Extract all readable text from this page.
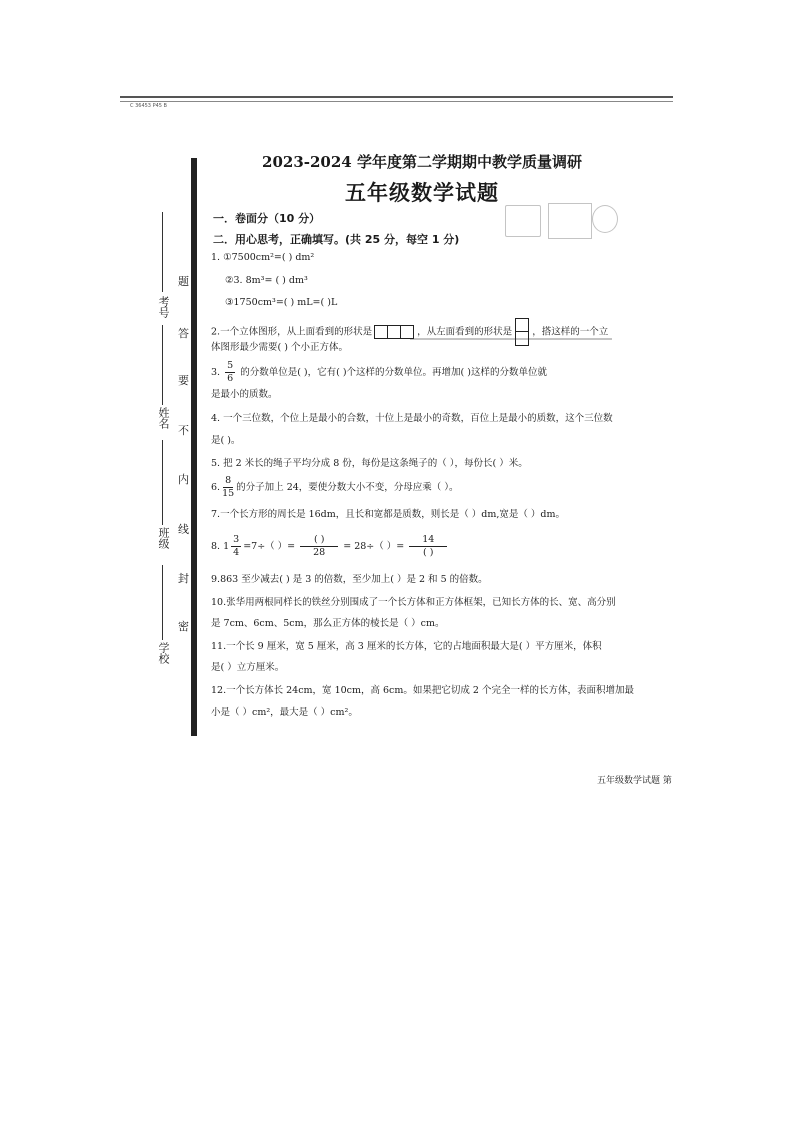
C 36453 P45 B
考号
姓名
班级
学校
题
答
要
不
内
线
封
密
2023-2024 学年度第二学期期中教学质量调研
五年级数学试题
一．卷面分（10 分）
二．用心思考，正确填写。(共 25 分，每空 1 分)
1. ①7500cm²=( ) dm²
②3. 8m³= ( ) dm³
③1750cm³=( ) mL=( )L
2.一个立体图形，从上面看到的形状是	，从左面看到的形状是 ，搭这样的一个立
体图形最少需要( ) 个小正方体。
3. $\frac{5}{6}$ 的分数单位是( )，它有( )个这样的分数单位。再增加( )这样的分数单位就
是最小的质数。
4. 一个三位数，个位上是最小的合数，十位上是最小的奇数，百位上是最小的质数，这个三位数
是( )。
5. 把 2 米长的绳子平均分成 8 份，每份是这条绳子的（ ），每份长( ）米。
6. $\frac{8}{15}$ 的分子加上 24，要使分数大小不变，分母应乘（ ）。
7.一个长方形的周长是 16dm，且长和宽都是质数，则长是（ ）dm,宽是（ ）dm。
8. $1 \frac{3}{4} =7\div$（ ）= $\frac{( )}{28} = 28\div$（ ）= $\frac{14}{( )}$
9.863 至少减去( ) 是 3 的倍数，至少加上( ）是 2 和 5 的倍数。
10.张华用两根同样长的铁丝分别围成了一个长方体和正方体框架，已知长方体的长、宽、高分别
是 7cm、6cm、5cm，那么正方体的棱长是（ ）cm。
11.一个长 9 厘米，宽 5 厘米，高 3 厘米的长方体，它的占地面积最大是( ）平方厘米，体积
是( ）立方厘米。
12.一个长方体长 24cm，宽 10cm，高 6cm。如果把它切成 2 个完全一样的长方体，表面积增加最
小是（ ）cm²，最大是（ ）cm²。
五年级数学试题 第
